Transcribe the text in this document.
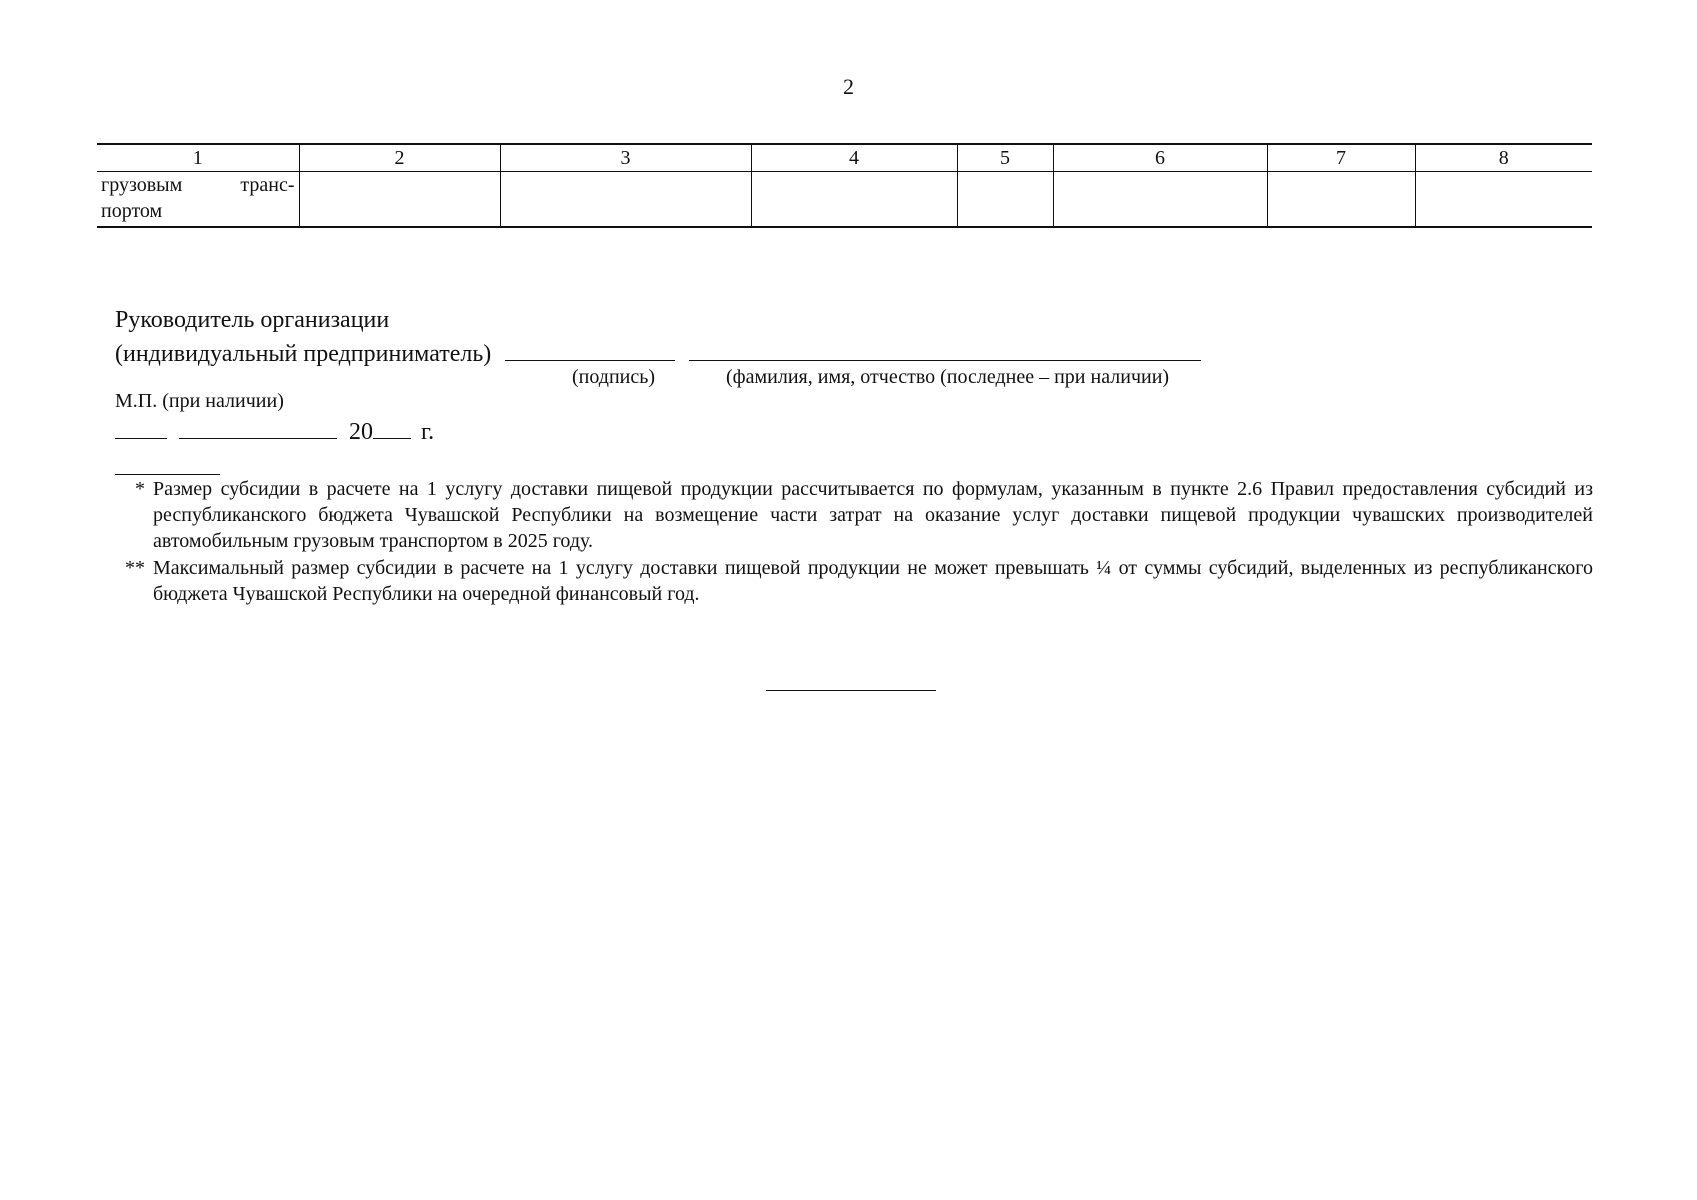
2
1	2	3	4	5	6	7	8
грузовым транс-портом							
Руководитель организации
(индивидуальный предприниматель)
(подпись)	(фамилия, имя, отчество (последнее – при наличии)
М.П. (при наличии)
20 г.
* Размер субсидии в расчете на 1 услугу доставки пищевой продукции рассчитывается по формулам, указанным в пункте 2.6 Правил предоставления субсидий из республиканского бюджета Чувашской Республики на возмещение части затрат на оказание услуг доставки пищевой продукции чувашских производителей автомобильным грузовым транспортом в 2025 году.
** Максимальный размер субсидии в расчете на 1 услугу доставки пищевой продукции не может превышать ¼ от суммы субсидий, выделенных из республиканского бюджета Чувашской Республики на очередной финансовый год.
